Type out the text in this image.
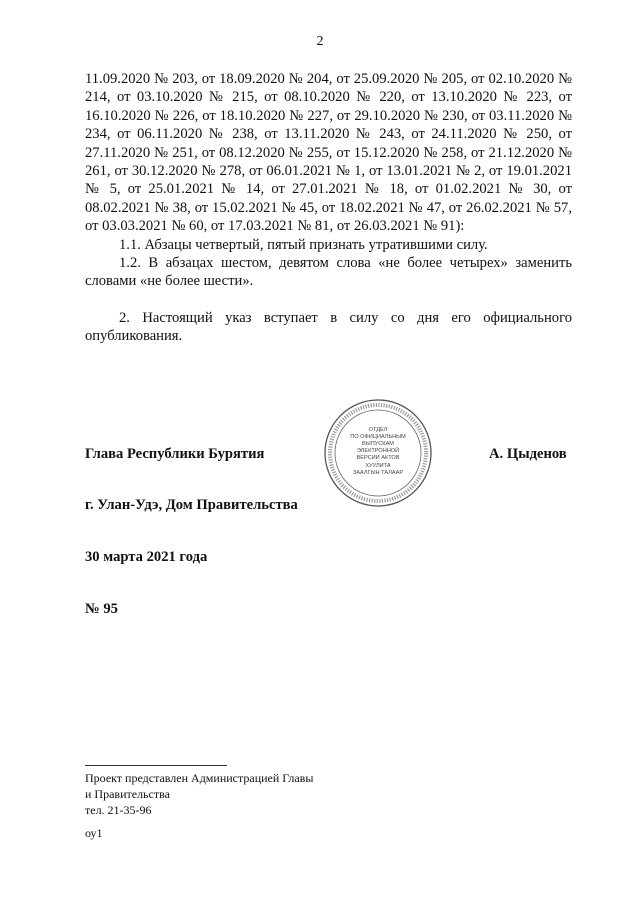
2

11.09.2020 № 203, от 18.09.2020 № 204, от 25.09.2020 № 205, от 02.10.2020 № 214, от 03.10.2020 № 215, от 08.10.2020 № 220, от 13.10.2020 № 223, от 16.10.2020 № 226, от 18.10.2020 № 227, от 29.10.2020 № 230, от 03.11.2020 № 234, от 06.11.2020 № 238, от 13.11.2020 № 243, от 24.11.2020 № 250, от 27.11.2020 № 251, от 08.12.2020 № 255, от 15.12.2020 № 258, от 21.12.2020 № 261, от 30.12.2020 № 278, от 06.01.2021 № 1, от 13.01.2021 № 2, от 19.01.2021 № 5, от 25.01.2021 № 14, от 27.01.2021 № 18, от 01.02.2021 № 30, от 08.02.2021 № 38, от 15.02.2021 № 45, от 18.02.2021 № 47, от 26.02.2021 № 57, от 03.03.2021 № 60, от 17.03.2021 № 81, от 26.03.2021 № 91):

1.1. Абзацы четвертый, пятый признать утратившими силу.

1.2. В абзацах шестом, девятом слова «не более четырех» заменить словами «не более шести».

2. Настоящий указ вступает в силу со дня его официального опубликования.

ОТДЕЛ
ПО ОФИЦИАЛЬНЫМ
ВЫПУСКАМ
ЭЛЕКТРОННОЙ
ВЕРСИИ АКТОВ
ХУУЛИТА
ЗААЛГЫН ТАЛААР
Глава Республики Бурятия	А. Цыденов
г. Улан-Удэ, Дом Правительства
30 марта 2021 года
№ 95
Проект представлен Администрацией Главы
и Правительства
тел. 21-35-96
оу1
